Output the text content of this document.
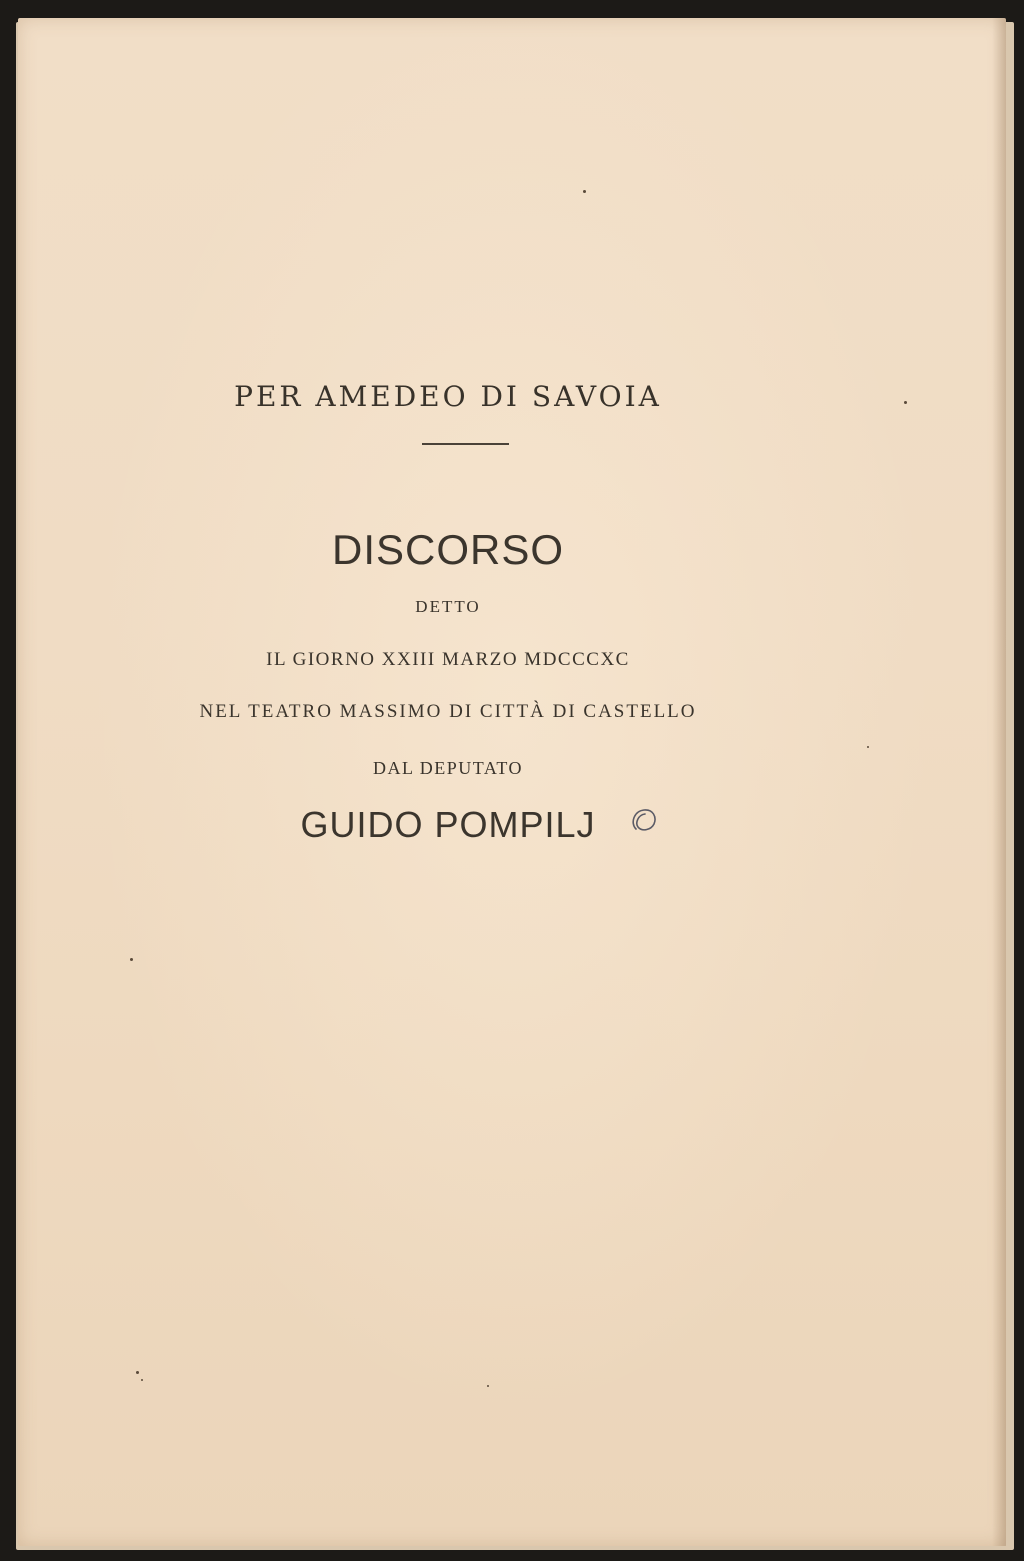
PER AMEDEO DI SAVOIA
DISCORSO
DETTO
IL GIORNO XXIII MARZO MDCCCXC
NEL TEATRO MASSIMO DI CITTÀ DI CASTELLO
DAL DEPUTATO
GUIDO POMPILJ
